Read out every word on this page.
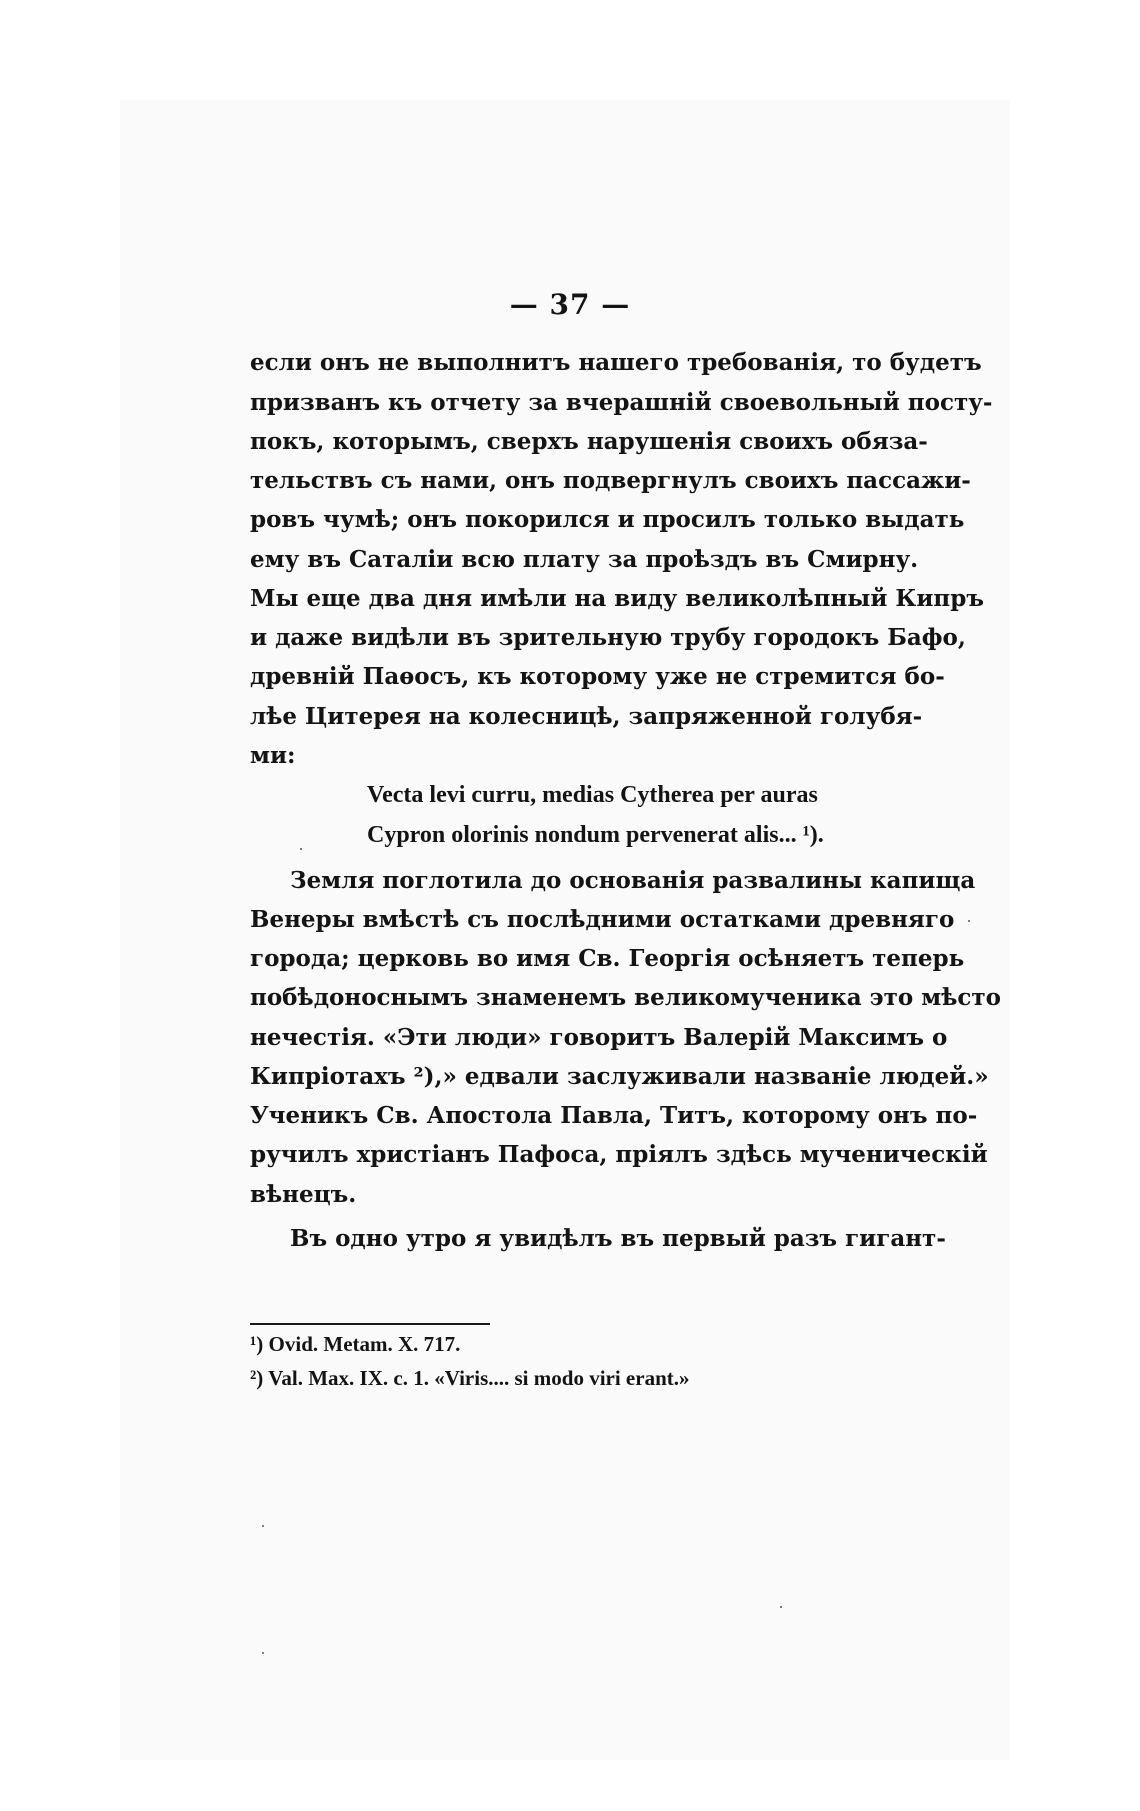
— 37 —
если онъ не выполнитъ нашего требованія, то будетъ
призванъ къ отчету за вчерашній своевольный посту-
покъ, которымъ, сверхъ нарушенія своихъ обяза-
тельствъ съ нами, онъ подвергнулъ своихъ пассажи-
ровъ чумѣ; онъ покорился и просилъ только выдать
ему въ Саталіи всю плату за проѣздъ въ Смирну.
Мы еще два дня имѣли на виду великолѣпный Кипръ
и даже видѣли въ зрительную трубу городокъ Бафо,
древній Паѳосъ, къ которому уже не стремится бо-
лѣе Цитерея на колесницѣ, запряженной голубя-
ми:
Vecta levi curru, medias Cytherea per auras
Cypron olorinis nondum pervenerat alis... ¹).
Земля поглотила до основанія развалины капища
Венеры вмѣстѣ съ послѣдними остатками древняго
города; церковь во имя Св. Георгія осѣняетъ теперь
побѣдоноснымъ знаменемъ великомученика это мѣсто
нечестія. «Эти люди» говоритъ Валерій Максимъ о
Кипріотахъ ²),» едвали заслуживали названіе людей.»
Ученикъ Св. Апостола Павла, Титъ, которому онъ по-
ручилъ христіанъ Пафоса, пріялъ здѣсь мученическій
вѣнецъ.
Въ одно утро я увидѣлъ въ первый разъ гигант-
¹) Ovid. Metam. X. 717.
²) Val. Max. IX. c. 1. «Viris.... si modo viri erant.»
